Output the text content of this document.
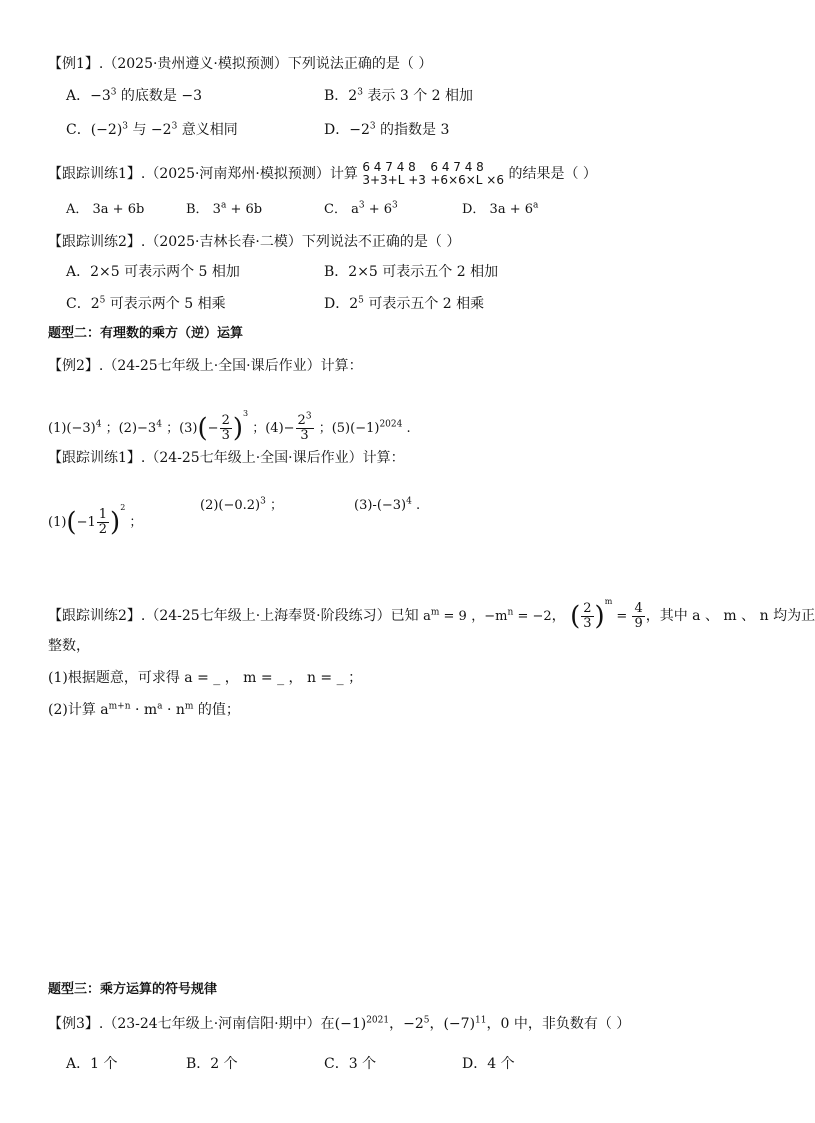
【例1】.（2025·贵州遵义·模拟预测）下列说法正确的是（ ）
A．$-3^3$ 的底数是 −3	B．$2^3$ 表示 3 个 2 相加
C．$(-2)^3$ 与 $-2^3$ 意义相同	D．$-2^3$ 的指数是 3
【跟踪训练1】.（2025·河南郑州·模拟预测）计算 6 4 7 4 8
3+3+L +3

6 4 7 4 8
+6×6×L ×6 的结果是（ ）
A． 3a + 6b	B． $3^a + 6b$	C． $a^3 + 6^3$	D． $3a + 6^a$
【跟踪训练2】.（2025·吉林长春·二模）下列说法不正确的是（ ）
A．2×5 可表示两个 5 相加	B．2×5 可表示五个 2 相加
C．$2^5$ 可表示两个 5 相乘	D．$2^5$ 可表示五个 2 相乘
题型二：有理数的乘方（逆）运算
【例2】.（24-25七年级上·全国·课后作业）计算：
$(1)(-3)^4$ ；$(2)-3^4$ ；$(3)(- \frac{2}{3} )^3$ ；$(4)- \frac{2^3}{3}$ ；$(5)(-1)^{2024}$ .
【跟踪训练1】.（24-25七年级上·全国·课后作业）计算：
$(1)(-1 \frac{1}{2} )^2$ ；
$(2)(-0.2)^3$ ；	$(3)-(-3)^4$ .
【跟踪训练2】.（24-25七年级上·上海奉贤·阶段练习）已知 $a^m = 9$ ，$-m^n = -2$， ( $\frac{2}{3} )^m = \frac{4}{9}$ ，其中 a 、 m 、 n 均为正
整数，
(1)根据题意，可求得 a = _ ， m = _ ， n = _ ；
(2)计算 $a^{m+n} \cdot m^a \cdot n^m$ 的值；
题型三：乘方运算的符号规律
【例3】.（23-24七年级上·河南信阳·期中）在$(-1)^{2021}$，$-2^5$，$(-7)^{11}$，0 中，非负数有（ ）
A．1 个	B．2 个	C．3 个	D．4 个
